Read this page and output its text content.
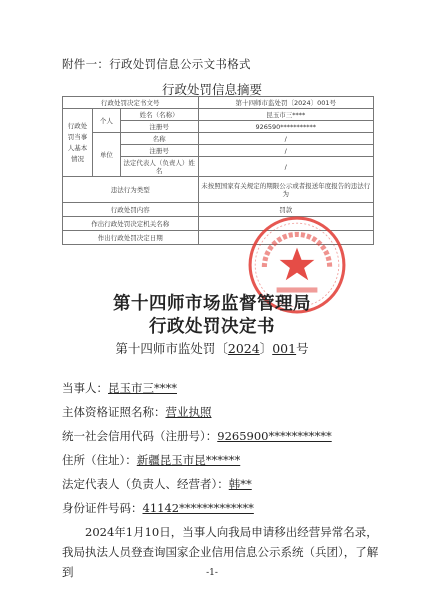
附件一：行政处罚信息公示文书格式
行政处罚信息摘要
行政处罚决定书文号			第十四师市监处罚〔2024〕001号
行政处罚当事人基本情况	个人	姓名（名称）	昆玉市三****
		注册号	926590***********
	单位	名称	/
		注册号	/
		法定代表人（负责人）姓名	/
违法行为类型			未按照国家有关规定的期限公示或者报送年度报告的违法行为
行政处罚内容			罚款
作出行政处罚决定机关名称			
作出行政处罚决定日期			
第十四师市场监督管理局
行政处罚决定书
第十四师市监处罚〔2024〕001号
当事人：昆玉市三****
主体资格证照名称：营业执照
统一社会信用代码（注册号）：9265900***********
住所（住址）：新疆昆玉市昆******
法定代表人（负责人、经营者）：韩**
身份证件号码：41142*************
2024年1月10日，当事人向我局申请移出经营异常名录，我局执法人员登查询国家企业信用信息公示系统（兵团），了解到	-1-
